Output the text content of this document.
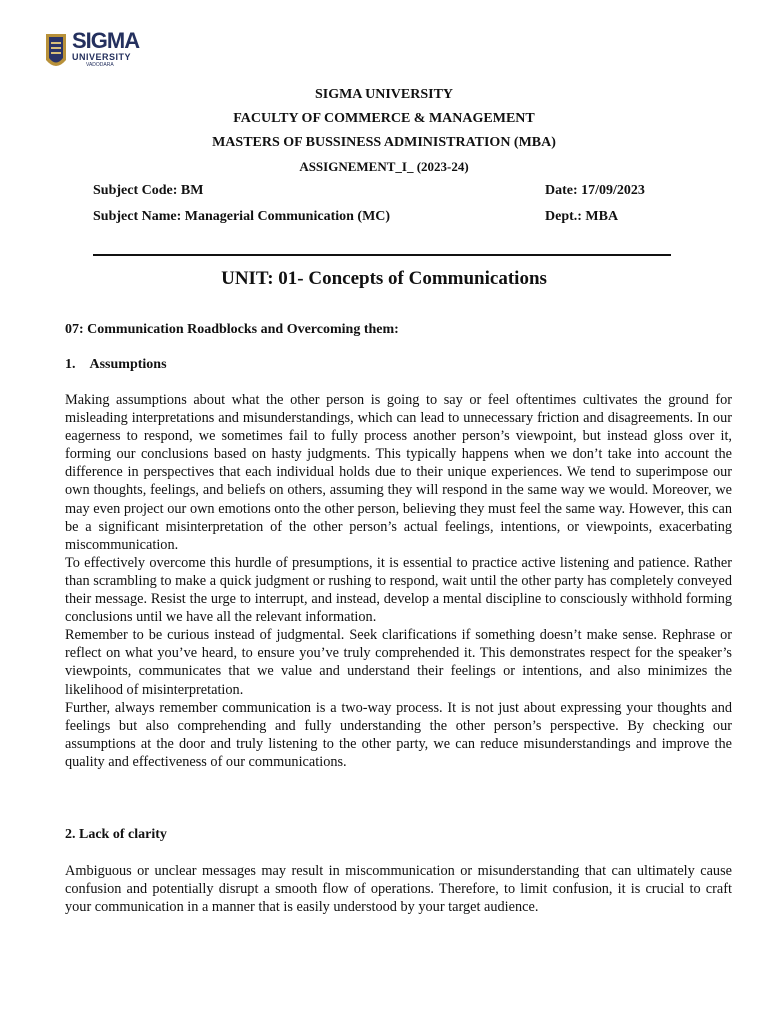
SIGMA
UNIVERSITY
VADODARA
SIGMA UNIVERSITY
FACULTY OF COMMERCE & MANAGEMENT
MASTERS OF BUSSINESS ADMINISTRATION (MBA)
ASSIGNEMENT_I_ (2023-24)
Subject Code: BM	Date: 17/09/2023
Subject Name: Managerial Communication (MC)	Dept.: MBA
UNIT: 01- Concepts of Communications
07: Communication Roadblocks and Overcoming them:
1. Assumptions

Making assumptions about what the other person is going to say or feel oftentimes cultivates the ground for misleading interpretations and misunderstandings, which can lead to unnecessary friction and disagreements. In our eagerness to respond, we sometimes fail to fully process another person’s viewpoint, but instead gloss over it, forming our conclusions based on hasty judgments. This typically happens when we don’t take into account the difference in perspectives that each individual holds due to their unique experiences. We tend to superimpose our own thoughts, feelings, and beliefs on others, assuming they will respond in the same way we would. Moreover, we may even project our own emotions onto the other person, believing they must feel the same way. However, this can be a significant misinterpretation of the other person’s actual feelings, intentions, or viewpoints, exacerbating miscommunication.

To effectively overcome this hurdle of presumptions, it is essential to practice active listening and patience. Rather than scrambling to make a quick judgment or rushing to respond, wait until the other party has completely conveyed their message. Resist the urge to interrupt, and instead, develop a mental discipline to consciously withhold forming conclusions until we have all the relevant information.

Remember to be curious instead of judgmental. Seek clarifications if something doesn’t make sense. Rephrase or reflect on what you’ve heard, to ensure you’ve truly comprehended it. This demonstrates respect for the speaker’s viewpoints, communicates that we value and understand their feelings or intentions, and also minimizes the likelihood of misinterpretation.

Further, always remember communication is a two-way process. It is not just about expressing your thoughts and feelings but also comprehending and fully understanding the other person’s perspective. By checking our assumptions at the door and truly listening to the other party, we can reduce misunderstandings and improve the quality and effectiveness of our communications.

2. Lack of clarity

Ambiguous or unclear messages may result in miscommunication or misunderstanding that can ultimately cause confusion and potentially disrupt a smooth flow of operations. Therefore, to limit confusion, it is crucial to craft your communication in a manner that is easily understood by your target audience.
